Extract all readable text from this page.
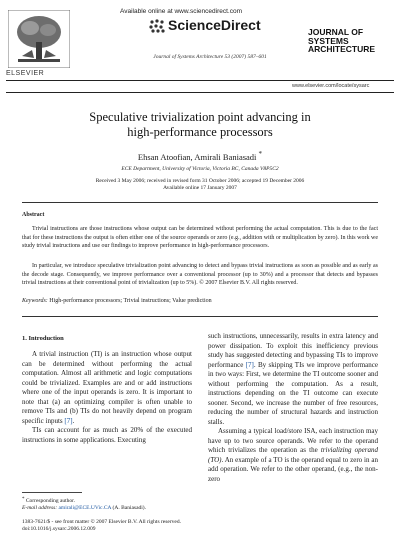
ELSEVIER
Available online at www.sciencedirect.com
ScienceDirect
Journal of Systems Architecture 53 (2007) 587–601
JOURNAL OF
SYSTEMS
ARCHITECTURE
www.elsevier.com/locate/sysarc
Speculative trivialization point advancing in
high-performance processors
Ehsan Atoofian, Amirali Baniasadi *
ECE Department, University of Victoria, Victoria BC, Canada V8P5C2
Received 3 May 2006; received in revised form 31 October 2006; accepted 19 December 2006
Available online 17 January 2007
Abstract
Trivial instructions are those instructions whose output can be determined without performing the actual computation. This is due to the fact that for these instructions the output is often either one of the source operands or zero (e.g., addition with or multiplication by zero). In this work we study trivial instructions and use our findings to improve performance in high-performance processors.
In particular, we introduce speculative trivialization point advancing to detect and bypass trivial instructions as soon as possible and as early as the decode stage. Consequently, we improve performance over a conventional processor (up to 30%) and a processor that detects and bypasses trivial instructions at their conventional point of trivialization (up to 5%). © 2007 Elsevier B.V. All rights reserved.
Keywords: High-performance processors; Trivial instructions; Value prediction
1. Introduction

A trivial instruction (TI) is an instruction whose output can be determined without performing the actual computation. Almost all arithmetic and logic computations could be trivialized. Examples are and or add instructions where one of the input operands is zero. It is important to note that (a) an optimizing compiler is often unable to remove TIs and (b) TIs do not heavily depend on program specific inputs [7].

TIs can account for as much as 20% of the executed instructions in some applications. Executing

such instructions, unnecessarily, results in extra latency and power dissipation. To exploit this inefficiency previous study has suggested detecting and bypassing TIs to improve performance [7]. By skipping TIs we improve performance in two ways: First, we determine the TI outcome sooner and without performing the computation. As a result, instructions depending on the TI outcome can execute sooner. Second, we increase the number of free resources, reducing the number of structural hazards and instruction stalls.

Assuming a typical load/store ISA, each instruction may have up to two source operands. We refer to the operand which trivializes the operation as the trivializing operand (TO). An example of a TO is the operand equal to zero in an add operation. We refer to the other operand, (e.g., the non-zero

* Corresponding author.
E-mail address: amirali@ECE.UVic.CA (A. Baniasadi).
1383-7621/$ - see front matter © 2007 Elsevier B.V. All rights reserved.
doi:10.1016/j.sysarc.2006.12.009
